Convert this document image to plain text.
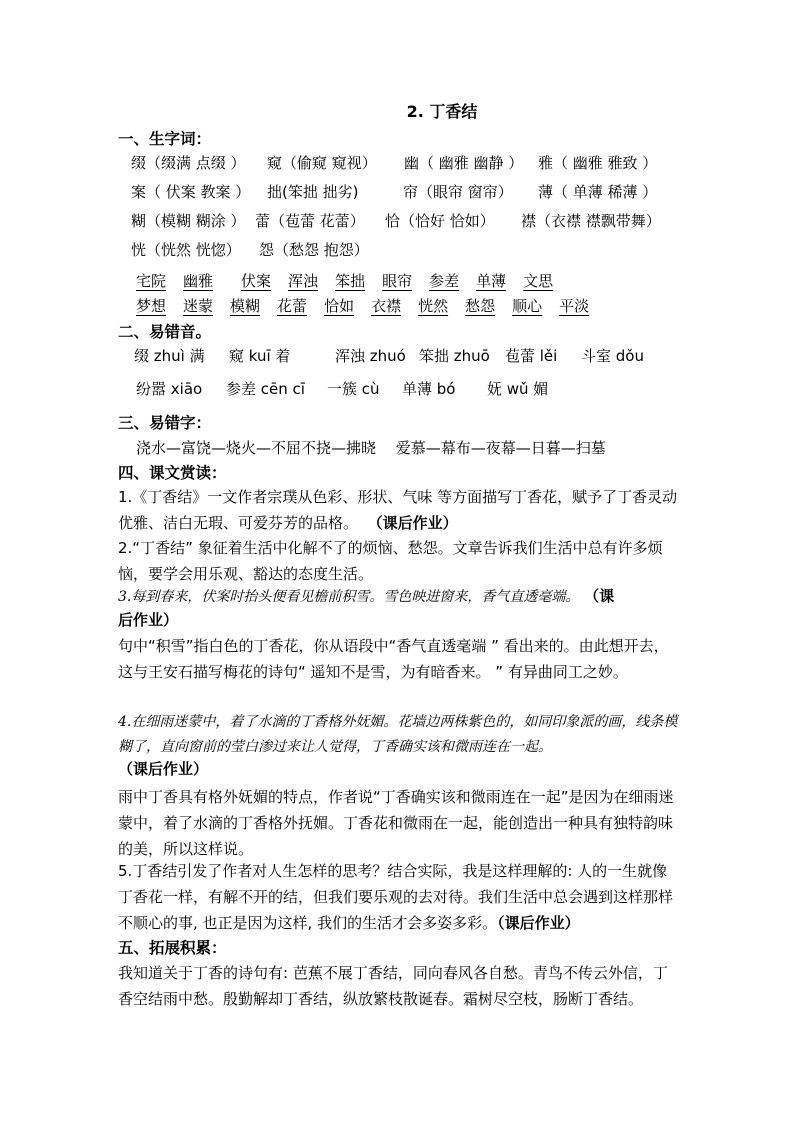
2. 丁香结
一、生字词：
缀（缀满 点缀 ） 窥（偷窥 窥视） 幽（ 幽雅 幽静 ） 雅（ 幽雅 雅致 ）
案（ 伏案 教案 ） 拙(笨拙 拙劣)	帘（眼帘 窗帘） 薄（ 单薄 稀薄 ）
糊（模糊 糊涂 ） 蕾（苞蕾 花蕾） 恰（恰好 恰如） 襟（衣襟 襟飘带舞）
恍（恍然 恍惚） 怨（愁怨 抱怨）
宅院 幽雅 伏案 浑浊 笨拙 眼帘 参差 单薄 文思
梦想 迷蒙 模糊 花蕾 恰如 衣襟 恍然 愁怨 顺心 平淡
二、易错音。
缀 zhuì 满 窥 kuī 着	浑浊 zhuó 笨拙 zhuō 苞蕾 lěi 斗室 dǒu
纷嚣 xiāo 参差 cēn cī 一簇 cù 单薄 bó 妩 wǔ 媚
三、易错字：
浇水—富饶—烧火—不屈不挠—拂晓　 爱慕—幕布—夜幕—日暮—扫墓
四、课文赏读：
1.《丁香结》一文作者宗璞从色彩、形状、气味 等方面描写丁香花，赋予了丁香灵动优雅、洁白无瑕、可爱芬芳的品格。 （课后作业）
2.“丁香结” 象征着生活中化解不了的烦恼、愁怨。文章告诉我们生活中总有许多烦恼，要学会用乐观、豁达的态度生活。
3.每到春来，伏案时抬头便看见檐前积雪。雪色映进窗来，香气直透毫端。 （课
后作业）
句中“积雪”指白色的丁香花，你从语段中“香气直透毫端 ” 看出来的。由此想开去，这与王安石描写梅花的诗句“ 遥知不是雪，为有暗香来。 ” 有异曲同工之妙。
4.在细雨迷蒙中，着了水滴的丁香格外妩媚。花墙边两株紫色的，如同印象派的画，线条模糊了，直向窗前的莹白渗过来让人觉得，丁香确实该和微雨连在一起。
（课后作业）
雨中丁香具有格外妩媚的特点，作者说“丁香确实该和微雨连在一起”是因为在细雨迷蒙中，着了水滴的丁香格外抚媚。丁香花和微雨在一起，能创造出一种具有独特韵味的美，所以这样说。
5.丁香结引发了作者对人生怎样的思考？结合实际，我是这样理解的: 人的一生就像丁香花一样，有解不开的结，但我们要乐观的去对待。我们生活中总会遇到这样那样不顺心的事, 也正是因为这样, 我们的生活才会多姿多彩。（课后作业）
五、拓展积累：
我知道关于丁香的诗句有: 芭蕉不展丁香结，同向春风各自愁。青鸟不传云外信，丁香空结雨中愁。殷勤解却丁香结，纵放繁枝散诞春。霜树尽空枝，肠断丁香结。
